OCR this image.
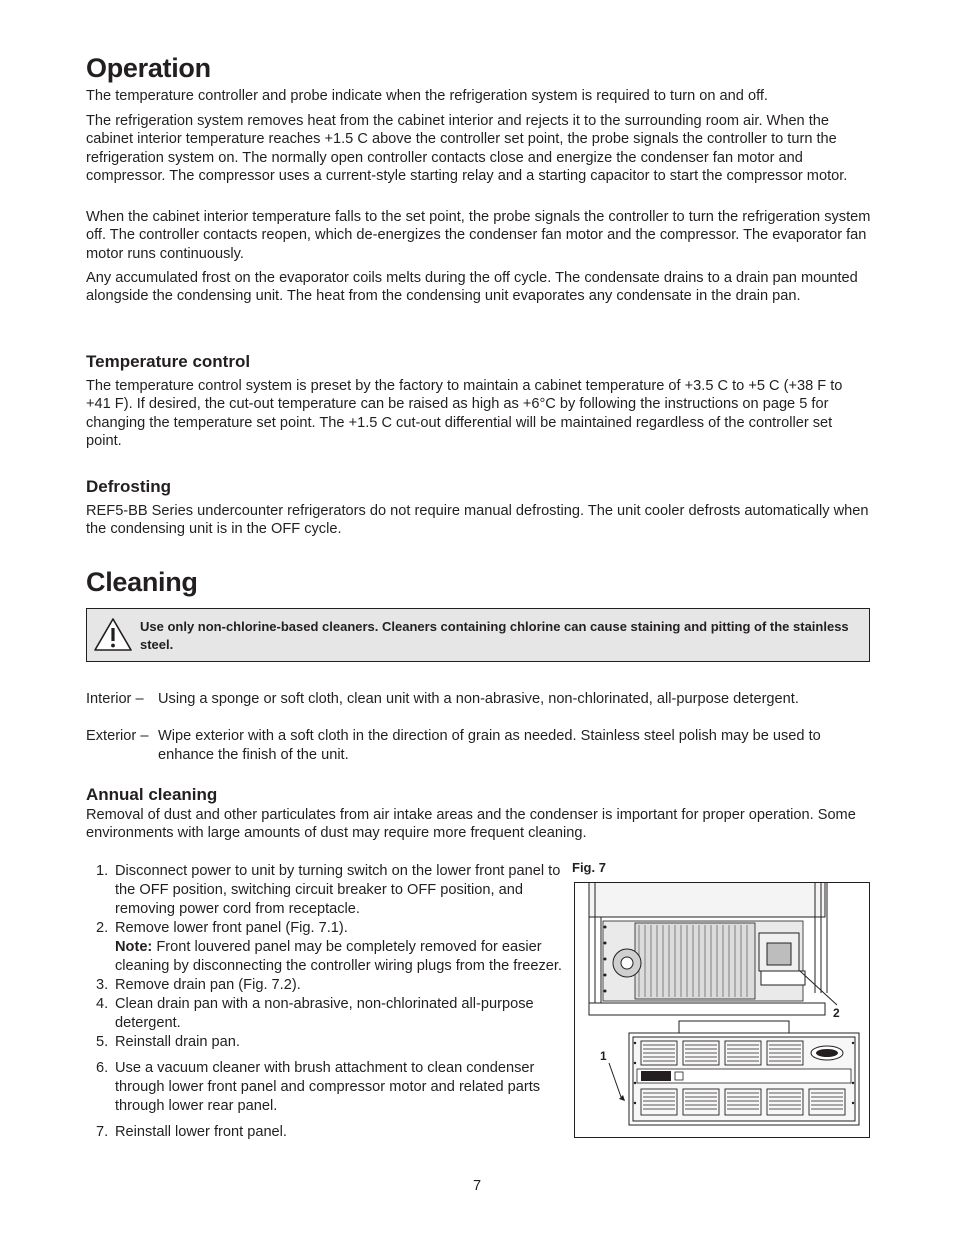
Operation

The temperature controller and probe indicate when the refrigeration system is required to turn on and off.

The refrigeration system removes heat from the cabinet interior and rejects it to the surrounding room air. When the cabinet interior temperature reaches +1.5 C above the controller set point, the probe signals the controller to turn the refrigeration system on. The normally open controller contacts close and energize the condenser fan motor and compressor. The compressor uses a current-style starting relay and a starting capacitor to start the compressor motor.

When the cabinet interior temperature falls to the set point, the probe signals the controller to turn the refrigeration system off. The controller contacts reopen, which de-energizes the condenser fan motor and the compressor. The evaporator fan motor runs continuously.

Any accumulated frost on the evaporator coils melts during the off cycle. The condensate drains to a drain pan mounted alongside the condensing unit. The heat from the condensing unit evaporates any condensate in the drain pan.

Temperature control

The temperature control system is preset by the factory to maintain a cabinet temperature of +3.5 C to +5 C (+38 F to +41 F). If desired, the cut-out temperature can be raised as high as +6°C by following the instructions on page 5 for changing the temperature set point. The +1.5 C cut-out differential will be maintained regardless of the controller set point.

Defrosting

REF5-BB Series undercounter refrigerators do not require manual defrosting. The unit cooler defrosts automatically when the condensing unit is in the OFF cycle.

Cleaning
Use only non-chlorine-based cleaners. Cleaners containing chlorine can cause staining and pitting of the stainless steel.
Interior – Using a sponge or soft cloth, clean unit with a non-abrasive, non-chlorinated, all-purpose detergent.
Exterior – Wipe exterior with a soft cloth in the direction of grain as needed. Stainless steel polish may be used to enhance the finish of the unit.
Annual cleaning

Removal of dust and other particulates from air intake areas and the condenser is important for proper operation. Some environments with large amounts of dust may require more frequent cleaning.

1. Disconnect power to unit by turning switch on the lower front panel to the OFF position, switching circuit breaker to OFF position, and removing power cord from receptacle.
2. Remove lower front panel (Fig. 7.1).
Note: Front louvered panel may be completely removed for easier cleaning by disconnecting the controller wiring plugs from the freezer.
3. Remove drain pan (Fig. 7.2).
4. Clean drain pan with a non-abrasive, non-chlorinated all-purpose detergent.
5. Reinstall drain pan.
6. Use a vacuum cleaner with brush attachment to clean condenser through lower front panel and compressor motor and related parts through lower rear panel.
7. Reinstall lower front panel.
Fig. 7
2
1
7
